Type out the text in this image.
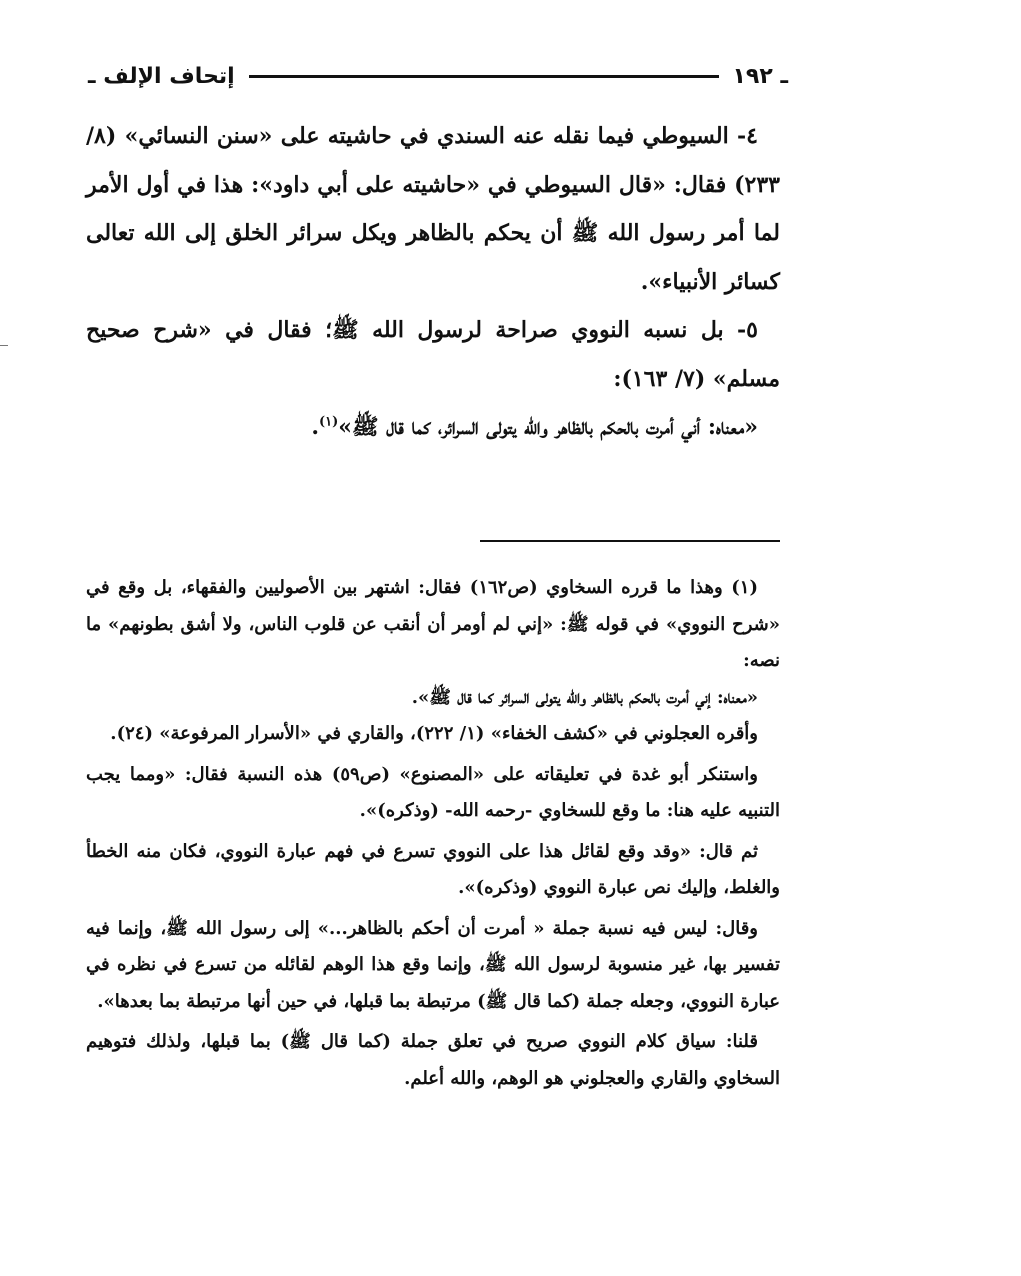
إتحاف الإلف ـ	ـ ١٩٢

٤- السيوطي فيما نقله عنه السندي في حاشيته على «سنن النسائي» (٨/ ٢٣٣) فقال: «قال السيوطي في «حاشيته على أبي داود»: هذا في أول الأمر لما أمر رسول الله ﷺ أن يحكم بالظاهر ويكل سرائر الخلق إلى الله تعالى كسائر الأنبياء».

٥- بل نسبه النووي صراحة لرسول الله ﷺ؛ فقال في «شرح صحيح مسلم» (٧/ ١٦٣):

«معناه: أني أمرت بالحكم بالظاهر والله يتولى السرائر، كما قال ﷺ»$^{(١)}$.

(١) وهذا ما قرره السخاوي (ص١٦٢) فقال: اشتهر بين الأصوليين والفقهاء، بل وقع في «شرح النووي» في قوله ﷺ: «إني لم أومر أن أنقب عن قلوب الناس، ولا أشق بطونهم» ما نصه:

«معناه: إني أمرت بالحكم بالظاهر والله يتولى السرائر كما قال ﷺ».

وأقره العجلوني في «كشف الخفاء» (١/ ٢٢٢)، والقاري في «الأسرار المرفوعة» (٢٤).

واستنكر أبو غدة في تعليقاته على «المصنوع» (ص٥٩) هذه النسبة فقال: «ومما يجب التنبيه عليه هنا: ما وقع للسخاوي -رحمه الله- (وذكره)».

ثم قال: «وقد وقع لقائل هذا على النووي تسرع في فهم عبارة النووي، فكان منه الخطأ والغلط، وإليك نص عبارة النووي (وذكره)».

وقال: ليس فيه نسبة جملة « أمرت أن أحكم بالظاهر...» إلى رسول الله ﷺ، وإنما فيه تفسير بها، غير منسوبة لرسول الله ﷺ، وإنما وقع هذا الوهم لقائله من تسرع في نظره في عبارة النووي، وجعله جملة (كما قال ﷺ) مرتبطة بما قبلها، في حين أنها مرتبطة بما بعدها».

قلنا: سياق كلام النووي صريح في تعلق جملة (كما قال ﷺ) بما قبلها، ولذلك فتوهيم السخاوي والقاري والعجلوني هو الوهم، والله أعلم.
